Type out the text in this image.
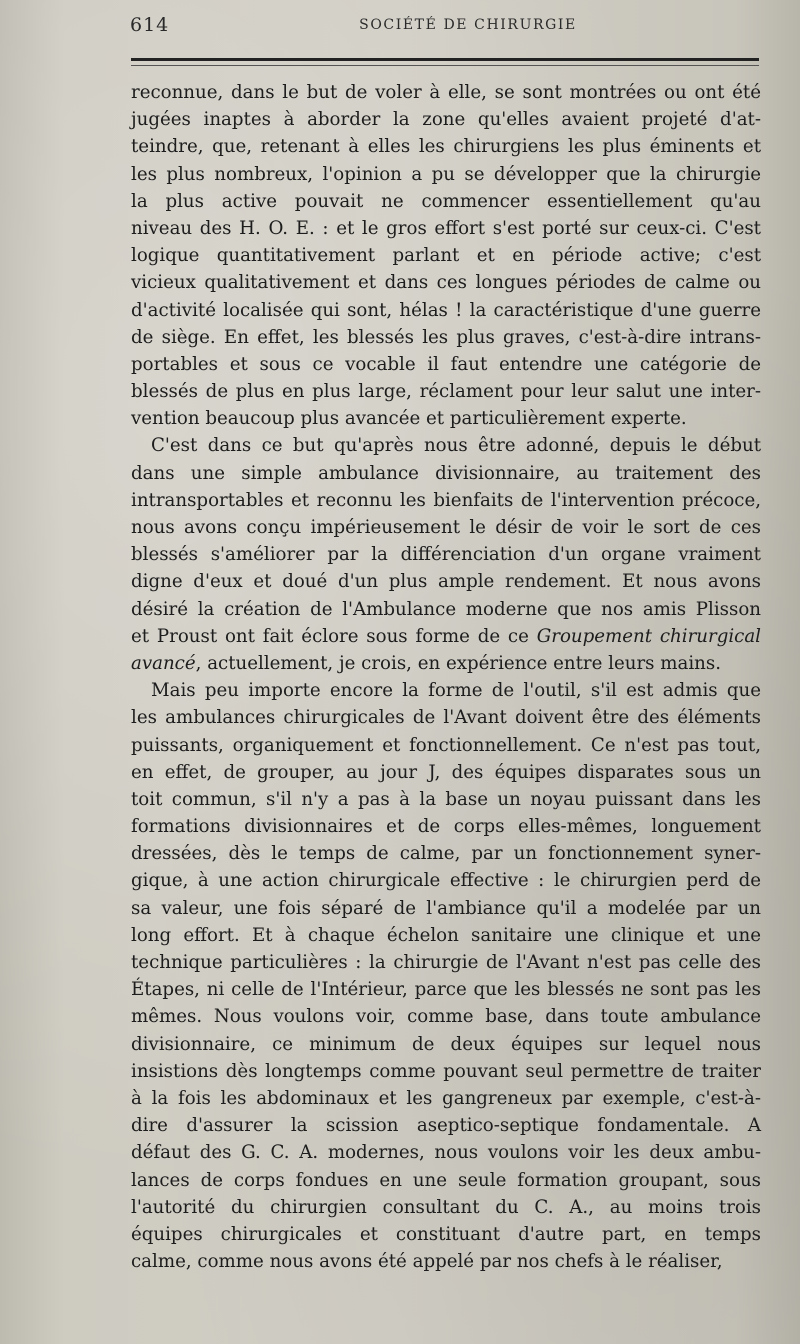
614	SOCIÉTÉ DE CHIRURGIE
reconnue, dans le but de voler à elle, se sont montrées ou ont été
jugées inaptes à aborder la zone qu'elles avaient projeté d'at-
teindre, que, retenant à elles les chirurgiens les plus éminents et
les plus nombreux, l'opinion a pu se développer que la chirurgie
la plus active pouvait ne commencer essentiellement qu'au
niveau des H. O. E. : et le gros effort s'est porté sur ceux-ci. C'est
logique quantitativement parlant et en période active; c'est
vicieux qualitativement et dans ces longues périodes de calme ou
d'activité localisée qui sont, hélas ! la caractéristique d'une guerre
de siège. En effet, les blessés les plus graves, c'est-à-dire intrans-
portables et sous ce vocable il faut entendre une catégorie de
blessés de plus en plus large, réclament pour leur salut une inter-
vention beaucoup plus avancée et particulièrement experte.
C'est dans ce but qu'après nous être adonné, depuis le début
dans une simple ambulance divisionnaire, au traitement des
intransportables et reconnu les bienfaits de l'intervention précoce,
nous avons conçu impérieusement le désir de voir le sort de ces
blessés s'améliorer par la différenciation d'un organe vraiment
digne d'eux et doué d'un plus ample rendement. Et nous avons
désiré la création de l'Ambulance moderne que nos amis Plisson
et Proust ont fait éclore sous forme de ce Groupement chirurgical
avancé, actuellement, je crois, en expérience entre leurs mains.
Mais peu importe encore la forme de l'outil, s'il est admis que
les ambulances chirurgicales de l'Avant doivent être des éléments
puissants, organiquement et fonctionnellement. Ce n'est pas tout,
en effet, de grouper, au jour J, des équipes disparates sous un
toit commun, s'il n'y a pas à la base un noyau puissant dans les
formations divisionnaires et de corps elles-mêmes, longuement
dressées, dès le temps de calme, par un fonctionnement syner-
gique, à une action chirurgicale effective : le chirurgien perd de
sa valeur, une fois séparé de l'ambiance qu'il a modelée par un
long effort. Et à chaque échelon sanitaire une clinique et une
technique particulières : la chirurgie de l'Avant n'est pas celle des
Étapes, ni celle de l'Intérieur, parce que les blessés ne sont pas les
mêmes. Nous voulons voir, comme base, dans toute ambulance
divisionnaire, ce minimum de deux équipes sur lequel nous
insistions dès longtemps comme pouvant seul permettre de traiter
à la fois les abdominaux et les gangreneux par exemple, c'est-à-
dire d'assurer la scission aseptico-septique fondamentale. A
défaut des G. C. A. modernes, nous voulons voir les deux ambu-
lances de corps fondues en une seule formation groupant, sous
l'autorité du chirurgien consultant du C. A., au moins trois
équipes chirurgicales et constituant d'autre part, en temps
calme, comme nous avons été appelé par nos chefs à le réaliser,
